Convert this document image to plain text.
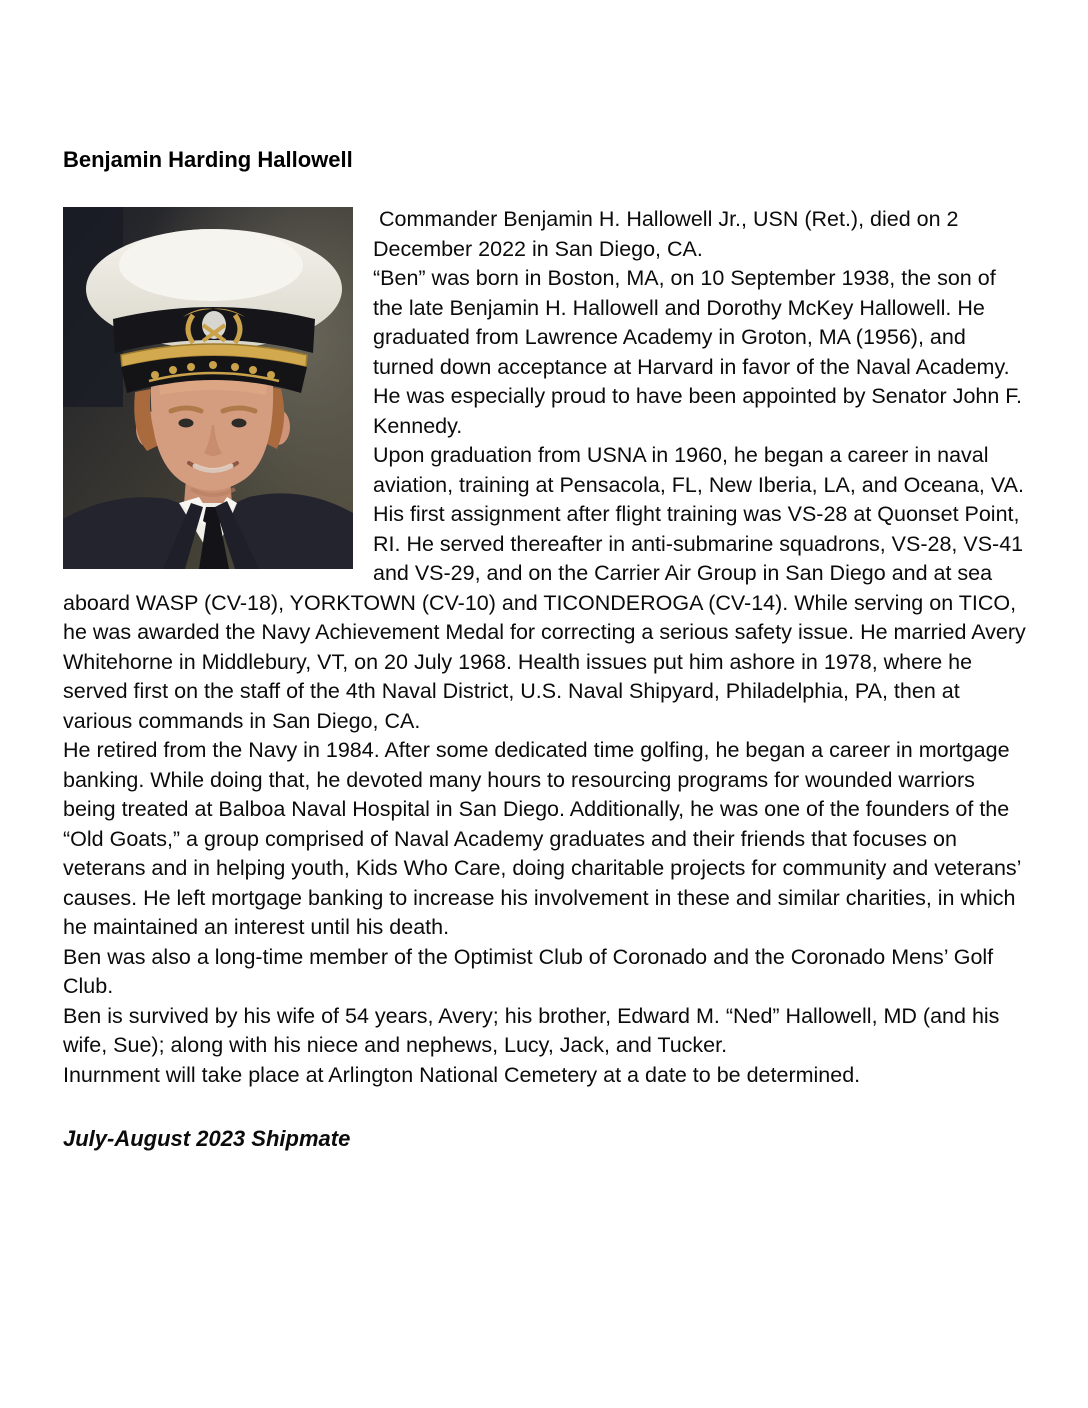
Benjamin Harding Hallowell

Commander Benjamin H. Hallowell Jr., USN (Ret.), died on 2 December 2022 in San Diego, CA.

“Ben” was born in Boston, MA, on 10 September 1938, the son of the late Benjamin H. Hallowell and Dorothy McKey Hallowell. He graduated from Lawrence Academy in Groton, MA (1956), and turned down acceptance at Harvard in favor of the Naval Academy. He was especially proud to have been appointed by Senator John F. Kennedy.

Upon graduation from USNA in 1960, he began a career in naval aviation, training at Pensacola, FL, New Iberia, LA, and Oceana, VA. His first assignment after flight training was VS-28 at Quonset Point, RI. He served thereafter in anti-submarine squadrons, VS-28, VS-41 and VS-29, and on the Carrier Air Group in San Diego and at sea aboard WASP (CV-18), YORKTOWN (CV-10) and TICONDEROGA (CV-14). While serving on TICO, he was awarded the Navy Achievement Medal for correcting a serious safety issue. He married Avery Whitehorne in Middlebury, VT, on 20 July 1968. Health issues put him ashore in 1978, where he served first on the staff of the 4th Naval District, U.S. Naval Shipyard, Philadelphia, PA, then at various commands in San Diego, CA.

He retired from the Navy in 1984. After some dedicated time golfing, he began a career in mortgage banking. While doing that, he devoted many hours to resourcing programs for wounded warriors being treated at Balboa Naval Hospital in San Diego. Additionally, he was one of the founders of the “Old Goats,” a group comprised of Naval Academy graduates and their friends that focuses on veterans and in helping youth, Kids Who Care, doing charitable projects for community and veterans’ causes. He left mortgage banking to increase his involvement in these and similar charities, in which he maintained an interest until his death.

Ben was also a long-time member of the Optimist Club of Coronado and the Coronado Mens’ Golf Club.

Ben is survived by his wife of 54 years, Avery; his brother, Edward M. “Ned” Hallowell, MD (and his wife, Sue); along with his niece and nephews, Lucy, Jack, and Tucker.

Inurnment will take place at Arlington National Cemetery at a date to be determined.

July-August 2023 Shipmate
